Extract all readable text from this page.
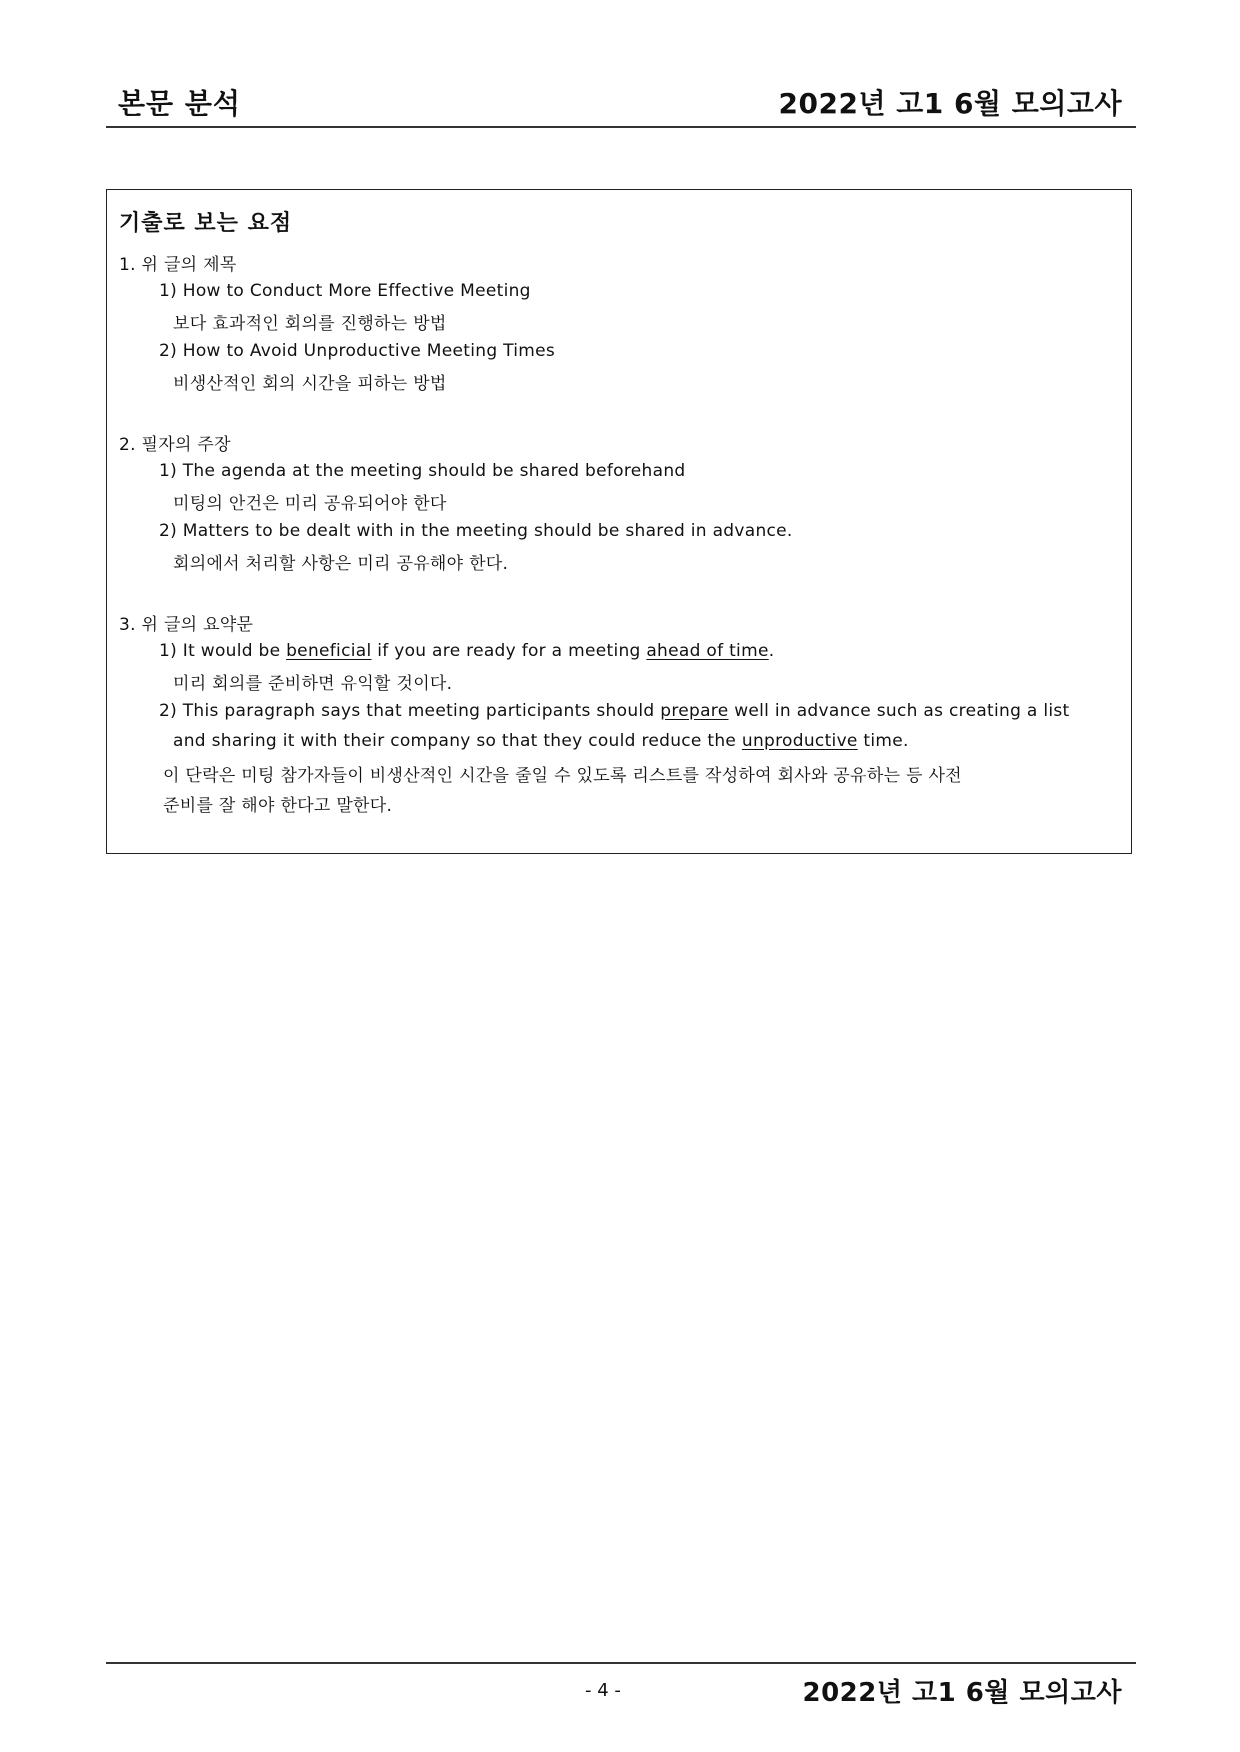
본문 분석	2022년 고1 6월 모의고사
기출로 보는 요점
1. 위 글의 제목
1) How to Conduct More Effective Meeting
보다 효과적인 회의를 진행하는 방법
2) How to Avoid Unproductive Meeting Times
비생산적인 회의 시간을 피하는 방법
2. 필자의 주장
1) The agenda at the meeting should be shared beforehand
미팅의 안건은 미리 공유되어야 한다
2) Matters to be dealt with in the meeting should be shared in advance.
회의에서 처리할 사항은 미리 공유해야 한다.
3. 위 글의 요약문
1) It would be beneficial if you are ready for a meeting ahead of time.
미리 회의를 준비하면 유익할 것이다.
2) This paragraph says that meeting participants should prepare well in advance such as creating a list
and sharing it with their company so that they could reduce the unproductive time.
이 단락은 미팅 참가자들이 비생산적인 시간을 줄일 수 있도록 리스트를 작성하여 회사와 공유하는 등 사전
준비를 잘 해야 한다고 말한다.
- 4 -	2022년 고1 6월 모의고사
